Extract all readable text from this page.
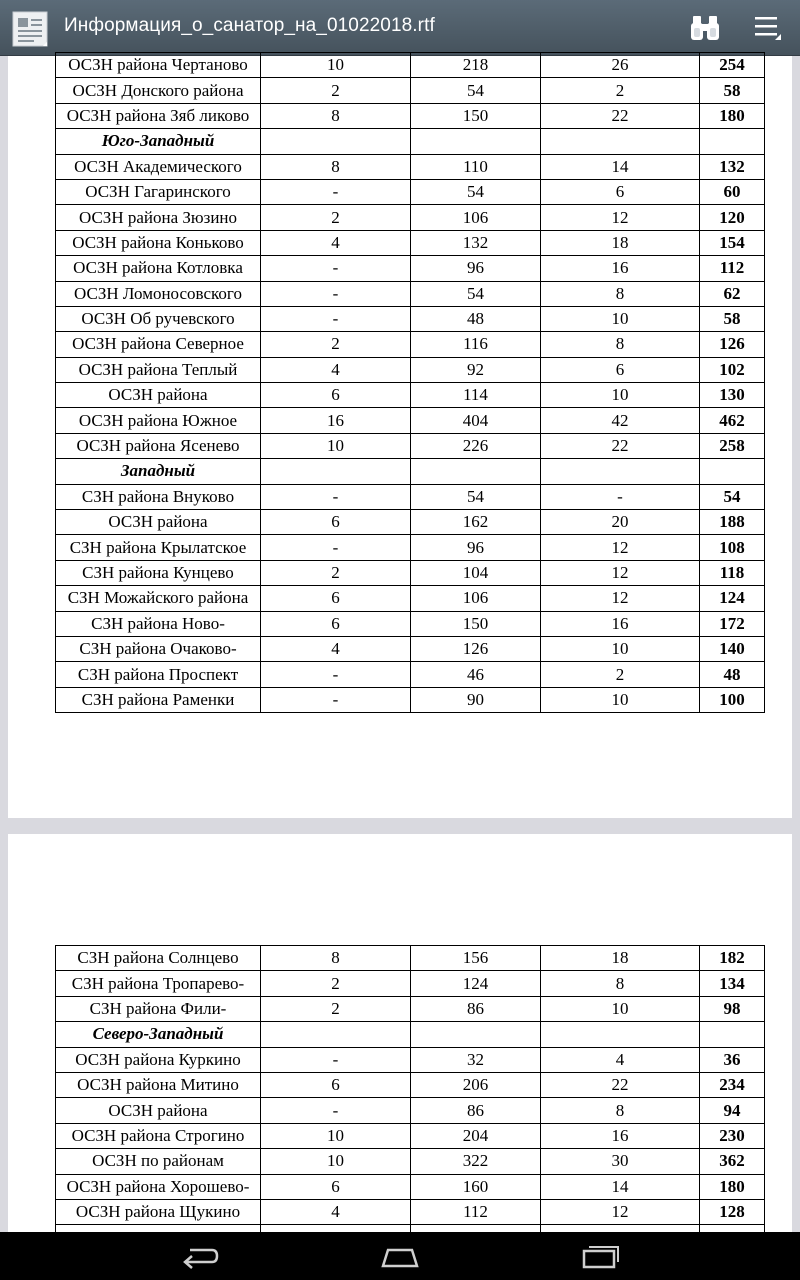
Информация_о_санатор_на_01022018.rtf
ОСЗН района Чертаново	10	218	26	254
ОСЗН Донского района	2	54	2	58
ОСЗН района Зяб ликово	8	150	22	180
Юго-Западный				
ОСЗН Академического	8	110	14	132
ОСЗН Гагаринского	-	54	6	60
ОСЗН района Зюзино	2	106	12	120
ОСЗН района Коньково	4	132	18	154
ОСЗН района Котловка	-	96	16	112
ОСЗН Ломоносовского	-	54	8	62
ОСЗН Об ручевского	-	48	10	58
ОСЗН района Северное	2	116	8	126
ОСЗН района Теплый	4	92	6	102
ОСЗН района	6	114	10	130
ОСЗН района Южное	16	404	42	462
ОСЗН района Ясенево	10	226	22	258
Западный				
СЗН района Внуково	-	54	-	54
ОСЗН района	6	162	20	188
СЗН района Крылатское	-	96	12	108
СЗН района Кунцево	2	104	12	118
СЗН Можайского района	6	106	12	124
СЗН района Ново-	6	150	16	172
СЗН района Очаково-	4	126	10	140
СЗН района Проспект	-	46	2	48
СЗН района Раменки	-	90	10	100
СЗН района Солнцево	8	156	18	182
СЗН района Тропарево-	2	124	8	134
СЗН района Фили-	2	86	10	98
Северо-Западный				
ОСЗН района Куркино	-	32	4	36
ОСЗН района Митино	6	206	22	234
ОСЗН района	-	86	8	94
ОСЗН района Строгино	10	204	16	230
ОСЗН по районам	10	322	30	362
ОСЗН района Хорошево-	6	160	14	180
ОСЗН района Щукино	4	112	12	128
